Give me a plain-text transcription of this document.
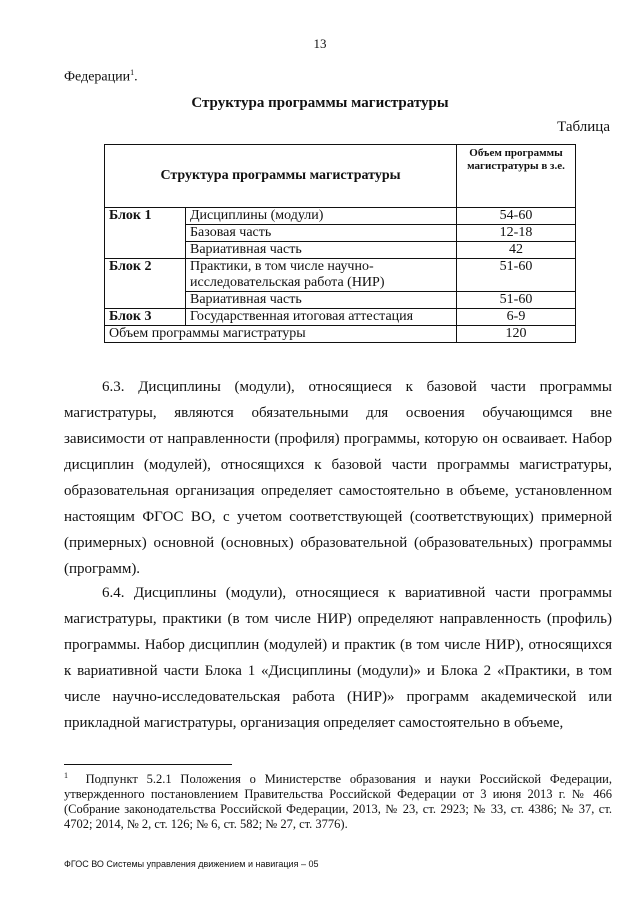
13
Федерации$^1$.
Структура программы магистратуры
Таблица
Структура программы магистратуры		Объем программы магистратуры в з.е.
Блок 1	Дисциплины (модули)	54-60
	Базовая часть	12-18
	Вариативная часть	42
Блок 2	Практики, в том числе научно-исследовательская работа (НИР)	51-60
	Вариативная часть	51-60
Блок 3	Государственная итоговая аттестация	6-9
Объем программы магистратуры		120

6.3. Дисциплины (модули), относящиеся к базовой части программы магистратуры, являются обязательными для освоения обучающимся вне зависимости от направленности (профиля) программы, которую он осваивает. Набор дисциплин (модулей), относящихся к базовой части программы магистратуры, образовательная организация определяет самостоятельно в объеме, установленном настоящим ФГОС ВО, с учетом соответствующей (соответствующих) примерной (примерных) основной (основных) образовательной (образовательных) программы (программ).

6.4. Дисциплины (модули), относящиеся к вариативной части программы магистратуры, практики (в том числе НИР) определяют направленность (профиль) программы. Набор дисциплин (модулей) и практик (в том числе НИР), относящихся к вариативной части Блока 1 «Дисциплины (модули)» и Блока 2 «Практики, в том числе научно-исследовательская работа (НИР)» программ академической или прикладной магистратуры, организация определяет самостоятельно в объеме,

$^1$ Подпункт 5.2.1 Положения о Министерстве образования и науки Российской Федерации, утвержденного постановлением Правительства Российской Федерации от 3 июня 2013 г. № 466 (Собрание законодательства Российской Федерации, 2013, № 23, ст. 2923; № 33, ст. 4386; № 37, ст. 4702; 2014, № 2, ст. 126; № 6, ст. 582; № 27, ст. 3776).
ФГОС ВО Системы управления движением и навигация – 05
